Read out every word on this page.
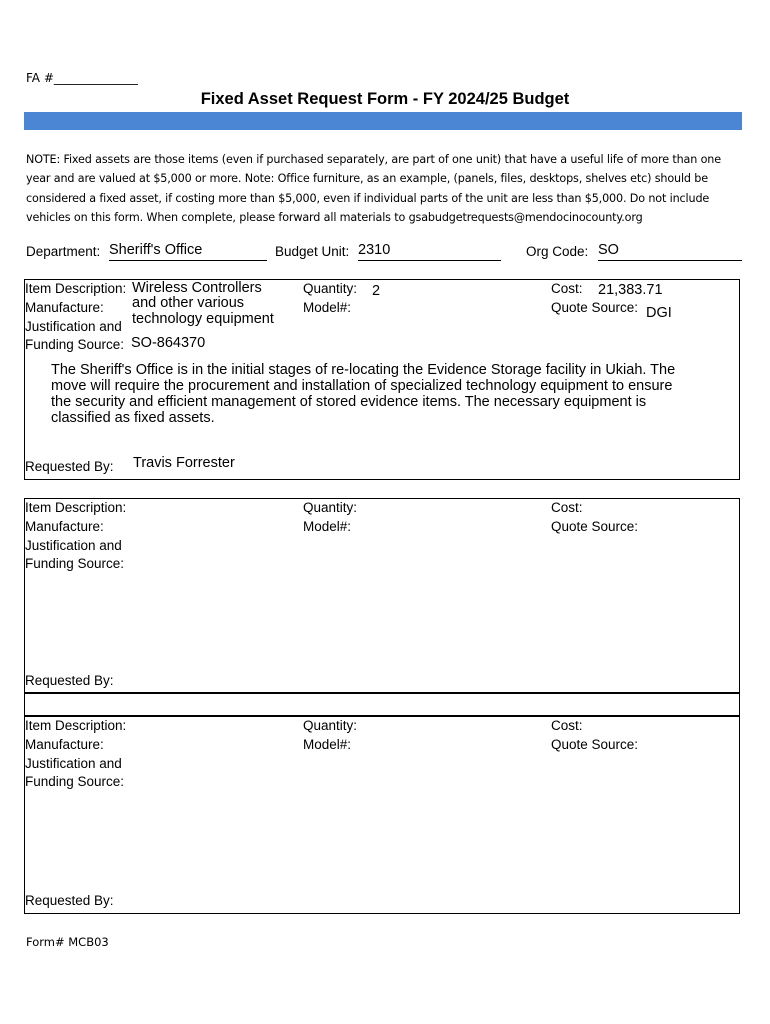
FA #______________
Fixed Asset Request Form - FY 2024/25 Budget
NOTE: Fixed assets are those items (even if purchased separately, are part of one unit) that have a useful life of more than one year and are valued at $5,000 or more. Note: Office furniture, as an example, (panels, files, desktops, shelves etc) should be considered a fixed asset, if costing more than $5,000, even if individual parts of the unit are less than $5,000. Do not include vehicles on this form. When complete, please forward all materials to gsabudgetrequests@mendocinocounty.org
Department: Sheriff's Office	Budget Unit: 2310	Org Code: SO
Item Description: Wireless Controllers
and other various
technology equipment
Manufacture:
Justification and
Funding Source: SO-864370
Quantity: 2
Model#:
Cost: 21,383.71
Quote Source: DGI
The Sheriff's Office is in the initial stages of re-locating the Evidence Storage facility in Ukiah. The move will require the procurement and installation of specialized technology equipment to ensure the security and efficient management of stored evidence items. The necessary equipment is classified as fixed assets.
Requested By: Travis Forrester
Item Description:
Manufacture:
Justification and
Funding Source:
Quantity:
Model#:
Cost:
Quote Source:
Requested By:
Item Description:
Manufacture:
Justification and
Funding Source:
Quantity:
Model#:
Cost:
Quote Source:
Requested By:
Form# MCB03
